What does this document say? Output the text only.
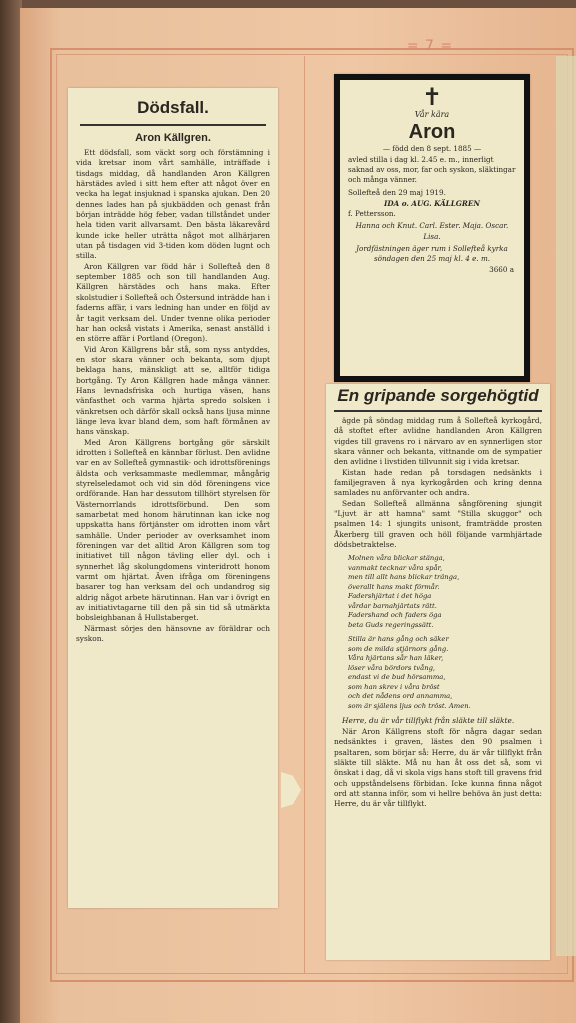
= 7 =
Dödsfall.
Aron Källgren.

Ett dödsfall, som väckt sorg och förstämning i vida kretsar inom vårt samhälle, inträffade i tisdags middag, då handlanden Aron Källgren härstädes avled i sitt hem efter att något över en vecka ha legat insjuknad i spanska ajukan. Den 20 dennes lades han på sjukbädden och genast från början inträdde hög feber, vadan tillståndet under hela tiden varit allvarsamt. Den bästa läkarevård kunde icke heller uträtta något mot allhärjaren utan på tisdagen vid 3-tiden kom döden lugnt och stilla.

Aron Källgren var född här i Sollefteå den 8 september 1885 och son till handlanden Aug. Källgren härstädes och hans maka. Efter skolstudier i Sollefteå och Östersund inträdde han i faderns affär, i vars ledning han under en följd av år tagit verksam del. Under tvenne olika perioder har han också vistats i Amerika, senast anställd i en större affär i Portland (Oregon).

Vid Aron Källgrens bår stå, som nyss antyddes, en stor skara vänner och bekanta, som djupt beklaga hans, mänskligt att se, alltför tidiga bortgång. Ty Aron Källgren hade många vänner. Hans levnadsfriska och hurtiga väsen, hans vänfasthet och varma hjärta spredo solsken i vänkretsen och därför skall också hans ljusa minne länge leva kvar bland dem, som haft förmånen av hans vänskap.

Med Aron Källgrens bortgång gör särskilt idrotten i Sollefteå en kännbar förlust. Den avlidne var en av Sollefteå gymnastik- och idrottsförenings äldsta och verksammaste medlemmar, mångårig styrelseledamot och vid sin död föreningens vice ordförande. Han har dessutom tillhört styrelsen för Västernorrlands idrottsförbund. Den som samarbetat med honom härutinnan kan icke nog uppskatta hans förtjänster om idrotten inom vårt samhälle. Under perioder av overksamhet inom föreningen var det alltid Aron Källgren som tog initiativet till någon tävling eller dyl. och i synnerhet låg skolungdomens vinteridrott honom varmt om hjärtat. Även ifråga om föreningens basarer tog han verksam del och undandrog sig aldrig något arbete härutinnan. Han var i övrigt en av initiativtagarne till den på sin tid så utmärkta bobsleighbanan å Hullstaberget.

Närmast sörjes den hänsovne av föräldrar och syskon.

✝
Vår kära
Aron
— född den 8 sept. 1885 —
avled stilla i dag kl. 2.45 e. m., innerligt saknad av oss, mor, far och syskon, släktingar och många vänner.
Sollefteå den 29 maj 1919.
IDA o. AUG. KÄLLGREN
f. Pettersson.
Hanna och Knut. Carl. Ester. Maja. Oscar. Lisa.
Jordfästningen äger rum i Sollefteå kyrka söndagen den 25 maj kl. 4 e. m.
3660 a
En gripande sorgehögtid

ägde på söndag middag rum å Sollefteå kyrkogård, då stoftet efter avlidne handlanden Aron Källgren vigdes till gravens ro i närvaro av en synnerligen stor skara vänner och bekanta, vittnande om de sympatier den avlidne i livstiden tillvunnit sig i vida kretsar.

Kistan hade redan på torsdagen nedsänkts i familjegraven å nya kyrkogården och kring denna samlades nu anförvanter och andra.

Sedan Sollefteå allmänna sångförening sjungit "Ljuvt är att hamna" samt "Stilla skuggor" och psalmen 14: 1 sjungits unisont, framträdde prosten Åkerberg till graven och höll följande varmhjärtade dödsbetraktelse.

Molnen våra blickar stänga,
vanmakt tecknar våra spår,
men till allt hans blickar tränga,
överallt hans makt förmår.
Fadershjärtat i det höga
vårdar barnahjärtats rätt.
Fadershand och faders öga
beta Guds regeringssätt.
Stilla är hans gång och säker
som de milda stjärnors gång.
Våra hjärtans sår han läker,
löser våra bördors tvång,
endast vi de bud hörsamma,
som han skrev i våra bröst
och det nådens ord annamma,
som är själens ljus och tröst. Amen.

Herre, du är vår tillflykt från släkte till släkte.

När Aron Källgrens stoft för några dagar sedan nedsänktes i graven, lästes den 90 psalmen i psaltaren, som börjar så: Herre, du är vår tillflykt från släkte till släkte. Må nu han åt oss det så, som vi önskat i dag, då vi skola vigs hans stoft till gravens frid och uppståndelsens förbidan. Icke kunna finna något ord att stanna inför, som vi hellre behöva än just detta: Herre, du är vår tillflykt.
